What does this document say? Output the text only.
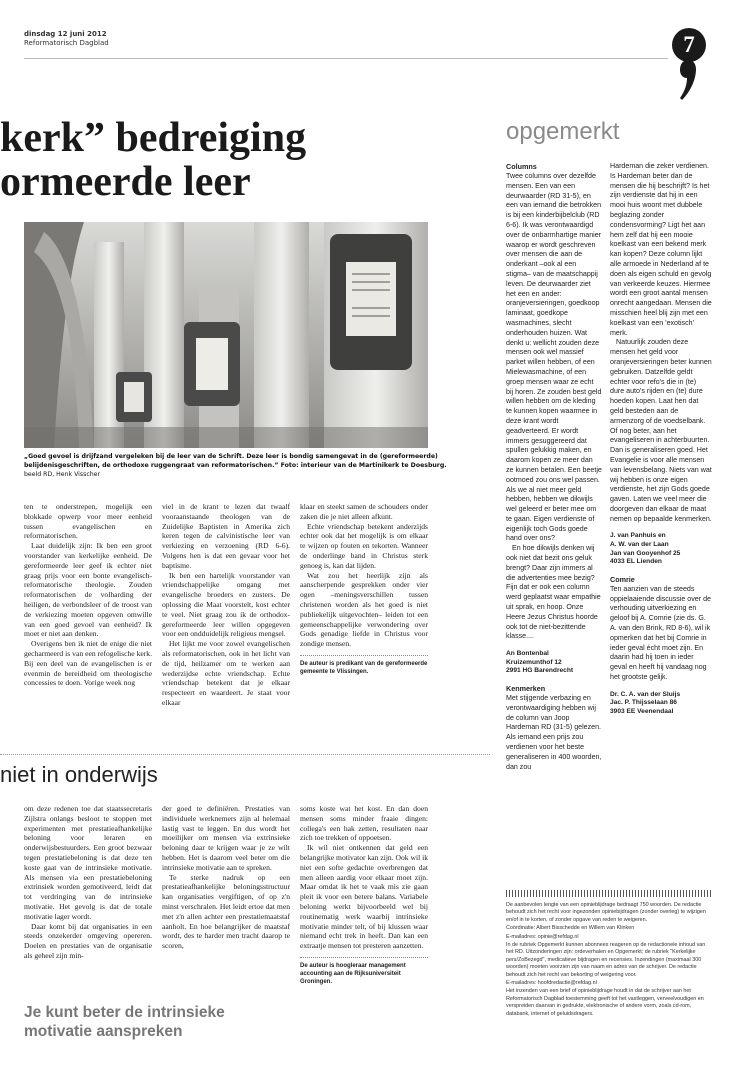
dinsdag 12 juni 2012
Reformatorisch Dagblad	7
kerk” bedreiging
ormeerde leer
„Goed gevoel is drijfzand vergeleken bij de leer van de Schrift. Deze leer is bondig samengevat in de (gereformeerde) belijdenisgeschriften, de orthodoxe ruggengraat van reformatorischen.” Foto: interieur van de Martinikerk te Doesburg. beeld RD, Henk Visscher

ten te onderstrepen, mogelijk een blokkade opwerp voor meer eenheid tussen evangelischen en reformatorischen.

Laat duidelijk zijn: Ik ben een groot voorstander van kerkelijke eenheid. De gereformeerde leer geef ik echter niet graag prijs voor een bonte evangelisch-reformatorische theologie. Zouden reformatorischen de volharding der heiligen, de verbondsleer of de troost van de verkiezing moeten opgeven omwille van een goed gevoel van eenheid? Ik moet er niet aan denken.

Overigens ben ik niet de enige die niet gecharmeerd is van een refogelische kerk. Bij een deel van de evangelischen is er evenmin de bereidheid om theologische concessies te doen. Vorige week nog

viel in de krant te lezen dat twaalf vooraanstaande theologen van de Zuidelijke Baptisten in Amerika zich keren tegen de calvinistische leer van verkiezing en verzoening (RD 6-6). Volgens hen is dat een gevaar voor het baptisme.

Ik ben een hartelijk voorstander van vriendschappelijke omgang met evangelische broeders en zusters. De oplossing die Maat voorstelt, kost echter te veel. Niet graag zou ik de orthodox-gereformeerde leer willen opgegeven voor een ondduidelijk religieus mengsel.

Het lijkt me voor zowel evangelischen als reformatorischen, ook in het licht van de tijd, heilzamer om te werken aan wederzijdse echte vriendschap. Echte vriendschap betekent dat je elkaar respecteert en waardeert. Je staat voor elkaar

klaar en steekt samen de schouders onder zaken die je niet alleen afkunt.

Echte vriendschap betekent anderzijds echter ook dat het mogelijk is om elkaar te wijzen op fouten en tekorten. Wanneer de onderlinge band in Christus sterk genoeg is, kan dat lijden.

Wat zou het heerlijk zijn als aanscherpende gesprekken onder vier ogen –meningsverschillen tussen christenen worden als het goed is niet publiekelijk uitgevochten– leiden tot een gemeenschappelijke verwondering over Gods genadige liefde in Christus voor zondige mensen.

De auteur is predikant van de gereformeerde gemeente te Vlissingen.
niet in onderwijs

om deze redenen toe dat staatssecretaris Zijlstra onlangs besloot te stoppen met experimenten met prestatieafhankelijke beloning voor leraren en onderwijsbestuurders. Een groot bezwaar tegen prestatiebeloning is dat deze ten koste gaat van de intrinsieke motivatie. Als mensen via een prestatiebeloning extrinsiek worden gemotiveerd, leidt dat tot verdringing van de intrinsieke motivatie. Het gevolg is dat de totale motivatie lager wordt.

Daar komt bij dat organisaties in een steeds onzekerder omgeving opereren. Doelen en prestaties van de organisatie als geheel zijn min-

der goed te definiëren. Prestaties van individuele werknemers zijn al helemaal lastig vast te leggen. En dus wordt het moeilijker om mensen via extrinsieke beloning daar te krijgen waar je ze wilt hebben. Het is daarom veel beter om die intrinsieke motivatie aan te spreken.

Te sterke nadruk op een prestatieafhankelijke beloningsstructuur kan organisaties vergiftigen, of op z'n minst verschralen. Het leidt ertoe dat men met z'n allen achter een prestatiemaatstaf aanholt. En hoe belangrijker de maatstaf wordt, des te harder men tracht daarop te scoren,

soms koste wat het kost. En dan doen mensen soms minder fraaie dingen: collega's een hak zetten, resultaten naar zich toe trekken of oppoetsen.

Ik wil niet ontkennen dat geld een belangrijke motivator kan zijn. Ook wil ik niet een softe gedachte overbrengen dat men alleen aardig voor elkaar moet zijn. Maar omdat ik het te vaak mis zie gaan pleit ik voor een betere balans. Variabele beloning werkt bijvoorbeeld wel bij routinematig werk waarbij intrinsieke motivatie minder telt, of bij klussen waar niemand echt trek in heeft. Dan kan een extraatje mensen tot presteren aanzetten.

De auteur is hoogleraar management accounting aan de Rijksuniversiteit Groningen.
Je kunt beter de intrinsieke motivatie aanspreken
opgemerkt
Columns

Twee columns over dezelfde mensen. Een van een deurwaarder (RD 31-5), en een van iemand die betrokken is bij een kinderbijbelclub (RD 6-6). Ik was verontwaardigd over de onbarmhartige manier waarop er wordt geschreven over mensen die aan de onderkant –ook al een stigma– van de maatschappij leven. De deurwaarder ziet het een en ander: oranjeversieringen, goedkoop laminaat, goedkope wasmachines, slecht onderhouden huizen. Wat denkt u: wellicht zouden deze mensen ook wel massief parket willen hebben, of een Mielewasmachine, of een groep mensen waar ze echt bij horen. Ze zouden best geld willen hebben om de kleding te kunnen kopen waarmee in deze krant wordt geadverteerd. Er wordt immers gesuggereerd dat spullen gelukkig maken, en daarom kopen ze meer dan ze kunnen betalen. Een beetje ootmoed zou ons wel passen. Als we al niet meer geld hebben, hebben we dikwijls wel geleerd er beter mee om te gaan. Eigen verdienste of eigenlijk toch Gods goede hand over ons?

En hoe dikwijls denken wij ook niet dat bezit ons geluk brengt? Daar zijn immers al die advertenties mee bezig? Fijn dat er ook een column werd geplaatst waar empathie uit sprak, en hoop. Onze Heere Jezus Christus hoorde ook tot de niet-bezittende klasse....

An Bontenbal
Kruizemunthof 12
2991 HG Barendrecht
Kenmerken

Met stijgende verbazing en verontwaardiging hebben wij de column van Joop Hardeman RD (31-5) gelezen. Als iemand een prijs zou verdienen voor het beste generaliseren in 400 woorden, dan zou

Hardeman die zeker verdienen. Is Hardeman beter dan de mensen die hij beschrijft? Is het zijn verdienste dat hij in een mooi huis woont met dubbele beglazing zonder condensvorming? Ligt het aan hem zelf dat hij een mooie koelkast van een bekend merk kan kopen? Deze column lijkt alle armoede in Nederland af te doen als eigen schuld en gevolg van verkeerde keuzes. Hiermee wordt een groot aantal mensen onrecht aangedaan. Mensen die misschien heel blij zijn met een koelkast van een 'exotisch' merk.

Natuurlijk zouden deze mensen het geld voor oranjeversieringen beter kunnen gebruiken. Datzelfde geldt echter voor refo's die in (te) dure auto's rijden en (te) dure hoeden kopen. Laat hen dat geld besteden aan de armenzorg of de voedselbank. Of nog beter, aan het evangeliseren in achterbuurten. Dan is generaliseren goed. Het Evangelie is voor alle mensen van levensbelang. Niets van wat wij hebben is onze eigen verdienste, het zijn Gods goede gaven. Laten we veel meer die doorgeven dan elkaar de maat nemen op bepaalde kenmerken.

J. van Panhuis en
A. W. van der Laan
Jan van Gooyenhof 25
4033 EL Lienden
Comrie

Ten aanzien van de steeds oppielaaiende discussie over de verhouding uitverkiezing en geloof bij A. Comrie (zie ds. G. A. van den Brink, RD 8-6), wil ik opmerken dat het bij Comrie in ieder geval écht moet zijn. En daarin had hij toen in ieder geval en heeft hij vandaag nog het grootste gelijk.

Dr. C. A. van der Sluijs
Jac. P. Thijsselaan 86
3903 EE Veenendaal

De aanbevolen lengte van een opinieblijdrage bedraagt 750 woorden. De redactie behoudt zich het recht voor ingezonden opiniebijdragen (zonder overleg) te wijzigen en/of in te korten, of zonder opgave van reden te weigeren.

Coördinatie: Albert Bisschedde en Willem van Klinken

E-mailadres: opinie@refdag.nl

In de rubriek Opgemerkt kunnen abonnees reageren op de redactionele inhoud van het RD. Uitzonderingen zijn: ordeverhalen en Opgemerkt; de rubriek "Kerkelijke pers/ZoBezegd", medicatieve bijdragen en recensies. Inzendingen (maximaal 300 woorden) moeten voorzien zijn van naam en adres van de schrijver. De redactie behoudt zich het recht van bekorting of weigering voor.

E-mailadres: hoofdredactie@refdag.nl

Het inzenden van een brief of opinieblijdrage houdt in dat de schrijver aan het Reformatorisch Dagblad toestemming geeft tot het vastleggen, verveelvoudigen en verspreiden daarvan in gedrukte, elektronische of andere vorm, zoals cd-rom, databank, internet of geluidsdragers.
